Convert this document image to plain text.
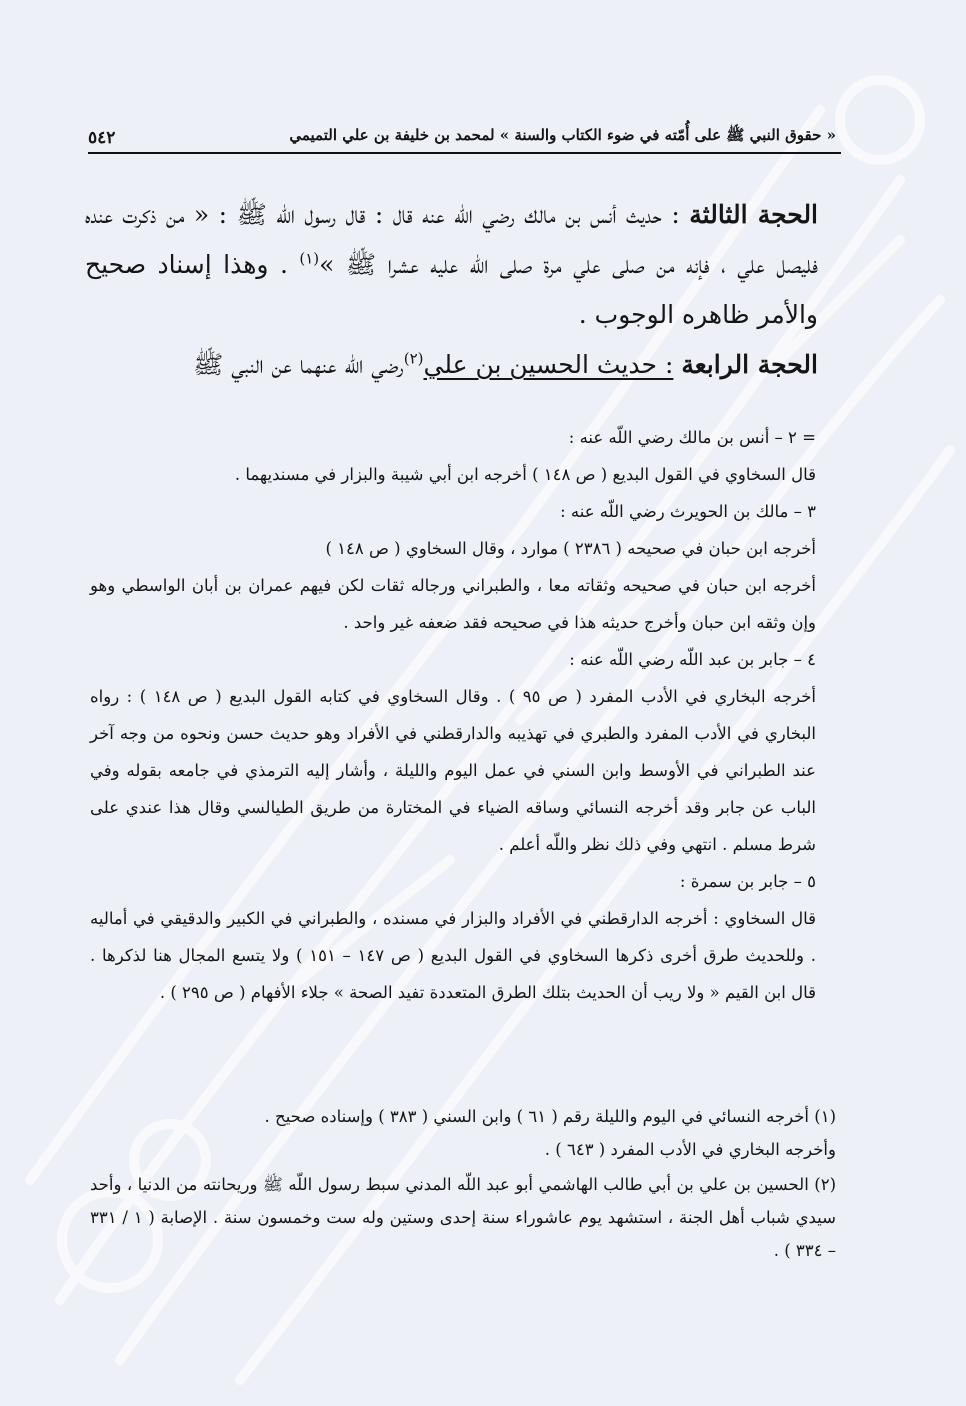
« حقوق النبي ﷺ على أُمّته في ضوء الكتاب والسنة » لمحمد بن خليفة بن علي التميمي
٥٤٢

الحجة الثالثة : حديث أنس بن مالك رضي اللّه عنه قال : قال رسول اللّه ﷺ : « من ذكرت عنده فليصل علي ، فإنه من صلى علي مرة صلى اللّه عليه عشرا ﷺ »$^{(١)}$ . وهذا إسناد صحيح والأمر ظاهره الوجوب .

الحجة الرابعة : حديث الحسين بن علي$^{(٢)}$رضي اللّه عنهما عن النبي ﷺ

= ٢ – أنس بن مالك رضي اللّه عنه :

قال السخاوي في القول البديع ( ص ١٤٨ ) أخرجه ابن أبي شيبة والبزار في مسنديهما .

٣ – مالك بن الحويرث رضي اللّه عنه :

أخرجه ابن حبان في صحيحه ( ٢٣٨٦ ) موارد ، وقال السخاوي ( ص ١٤٨ )

أخرجه ابن حبان في صحيحه وثقاته معا ، والطبراني ورجاله ثقات لكن فيهم عمران بن أبان الواسطي وهو وإن وثقه ابن حبان وأخرج حديثه هذا في صحيحه فقد ضعفه غير واحد .

٤ – جابر بن عبد اللّه رضي اللّه عنه :

أخرجه البخاري في الأدب المفرد ( ص ٩٥ ) . وقال السخاوي في كتابه القول البديع ( ص ١٤٨ ) : رواه البخاري في الأدب المفرد والطبري في تهذيبه والدارقطني في الأفراد وهو حديث حسن ونحوه من وجه آخر عند الطبراني في الأوسط وابن السني في عمل اليوم والليلة ، وأشار إليه الترمذي في جامعه بقوله وفي الباب عن جابر وقد أخرجه النسائي وساقه الضياء في المختارة من طريق الطيالسي وقال هذا عندي على شرط مسلم . انتهي وفي ذلك نظر واللّه أعلم .

٥ – جابر بن سمرة :

قال السخاوي : أخرجه الدارقطني في الأفراد والبزار في مسنده ، والطبراني في الكبير والدقيقي في أماليه . وللحديث طرق أخرى ذكرها السخاوي في القول البديع ( ص ١٤٧ – ١٥١ ) ولا يتسع المجال هنا لذكرها . قال ابن القيم « ولا ريب أن الحديث بتلك الطرق المتعددة تفيد الصحة » جلاء الأفهام ( ص ٢٩٥ ) .

(١) أخرجه النسائي في اليوم والليلة رقم ( ٦١ ) وابن السني ( ٣٨٣ ) وإسناده صحيح .

وأخرجه البخاري في الأدب المفرد ( ٦٤٣ ) .

(٢) الحسين بن علي بن أبي طالب الهاشمي أبو عبد اللّه المدني سبط رسول اللّه ﷺ وريحانته من الدنيا ، وأحد سيدي شباب أهل الجنة ، استشهد يوم عاشوراء سنة إحدى وستين وله ست وخمسون سنة . الإصابة ( ١ / ٣٣١ – ٣٣٤ ) .
